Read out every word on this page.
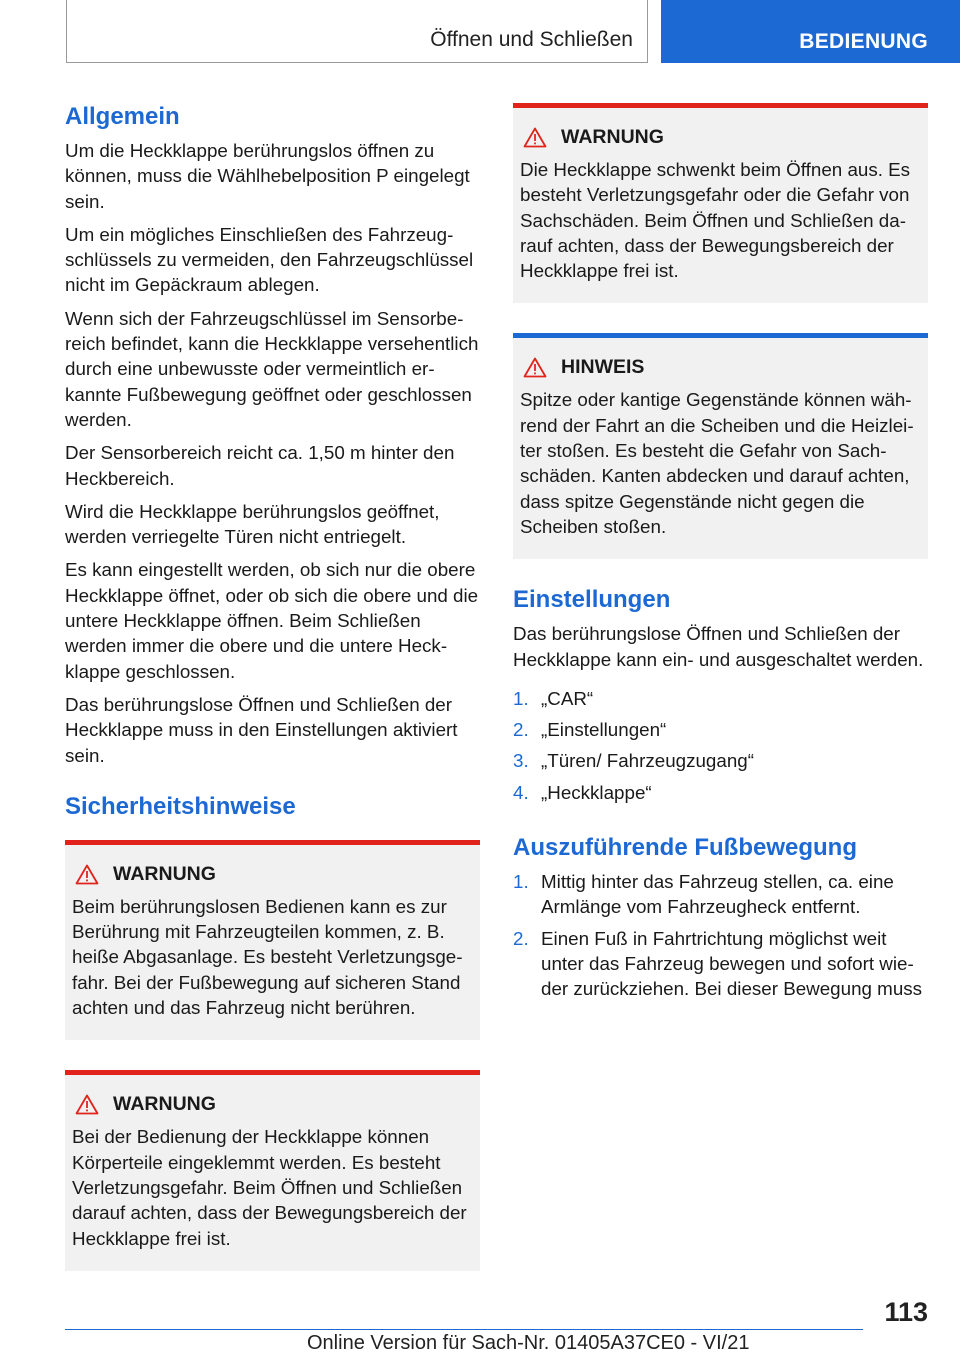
Öffnen und Schließen	BEDIENUNG
Allgemein

Um die Heckklappe berührungslos öffnen zu können, muss die Wählhebelposition P eingelegt sein.

Um ein mögliches Einschließen des Fahrzeugschlüssels zu vermeiden, den Fahrzeugschlüssel nicht im Gepäckraum ablegen.

Wenn sich der Fahrzeugschlüssel im Sensorbereich befindet, kann die Heckklappe versehentlich durch eine unbewusste oder vermeintlich erkannte Fußbewegung geöffnet oder geschlossen werden.

Der Sensorbereich reicht ca. 1,50 m hinter den Heckbereich.

Wird die Heckklappe berührungslos geöffnet, werden verriegelte Türen nicht entriegelt.

Es kann eingestellt werden, ob sich nur die obere Heckklappe öffnet, oder ob sich die obere und die untere Heckklappe öffnen. Beim Schließen werden immer die obere und die untere Heckklappe geschlossen.

Das berührungslose Öffnen und Schließen der Heckklappe muss in den Einstellungen aktiviert sein.

Sicherheitshinweise
WARNUNG

Beim berührungslosen Bedienen kann es zur Berührung mit Fahrzeugteilen kommen, z. B. heiße Abgasanlage. Es besteht Verletzungsgefahr. Bei der Fußbewegung auf sicheren Stand achten und das Fahrzeug nicht berühren.

WARNUNG

Bei der Bedienung der Heckklappe können Körperteile eingeklemmt werden. Es besteht Verletzungsgefahr. Beim Öffnen und Schließen darauf achten, dass der Bewegungsbereich der Heckklappe frei ist.

WARNUNG

Die Heckklappe schwenkt beim Öffnen aus. Es besteht Verletzungsgefahr oder die Gefahr von Sachschäden. Beim Öffnen und Schließen darauf achten, dass der Bewegungsbereich der Heckklappe frei ist.

HINWEIS

Spitze oder kantige Gegenstände können während der Fahrt an die Scheiben und die Heizleiter stoßen. Es besteht die Gefahr von Sachschäden. Kanten abdecken und darauf achten, dass spitze Gegenstände nicht gegen die Scheiben stoßen.

Einstellungen

Das berührungslose Öffnen und Schließen der Heckklappe kann ein- und ausgeschaltet werden.

1. „CAR“
2. „Einstellungen“
3. „Türen/ Fahrzeugzugang“
4. „Heckklappe“
Auszuführende Fußbewegung
1. Mittig hinter das Fahrzeug stellen, ca. eine Armlänge vom Fahrzeugheck entfernt.
2. Einen Fuß in Fahrtrichtung möglichst weit unter das Fahrzeug bewegen und sofort wieder zurückziehen. Bei dieser Bewegung muss
113
Online Version für Sach-Nr. 01405A37CE0 - VI/21
